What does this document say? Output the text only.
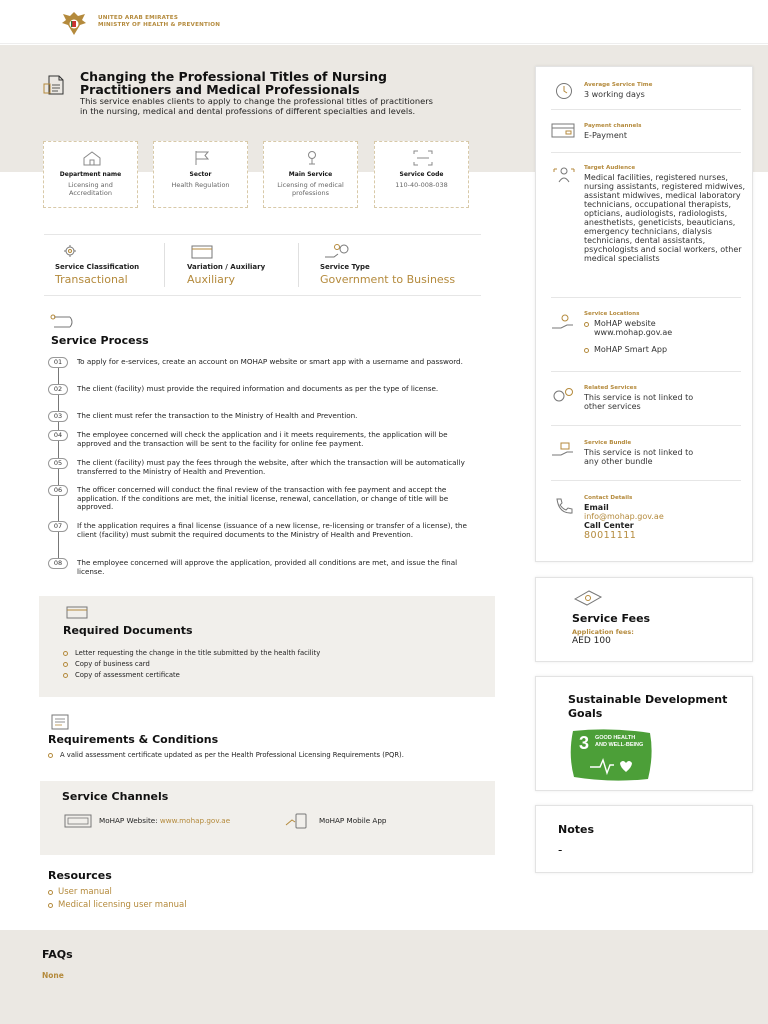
UNITED ARAB EMIRATES
MINISTRY OF HEALTH & PREVENTION
Changing the Professional Titles of Nursing Practitioners and Medical Professionals
This service enables clients to apply to change the professional titles of practitioners in the nursing, medical and dental professions of different specialties and levels.
Department name
Licensing and Accreditation
Sector
Health Regulation
Main Service
Licensing of medical professions
Service Code
110-40-008-038
Service Classification
Transactional
Variation / Auxiliary
Auxiliary
Service Type
Government to Business
Service Process
01	To apply for e-services, create an account on MOHAP website or smart app with a username and password.
02	The client (facility) must provide the required information and documents as per the type of license.
03	The client must refer the transaction to the Ministry of Health and Prevention.
04	The employee concerned will check the application and i it meets requirements, the application will be approved and the transaction will be sent to the facility for online fee payment.
05	The client (facility) must pay the fees through the website, after which the transaction will be automatically transferred to the Ministry of Health and Prevention.
06	The officer concerned will conduct the final review of the transaction with fee payment and accept the application. If the conditions are met, the initial license, renewal, cancellation, or change of title will be approved.
07	If the application requires a final license (issuance of a new license, re-licensing or transfer of a license), the client (facility) must submit the required documents to the Ministry of Health and Prevention.
08	The employee concerned will approve the application, provided all conditions are met, and issue the final license.
Required Documents
Letter requesting the change in the title submitted by the health facility
Copy of business card
Copy of assessment certificate
Requirements & Conditions
A valid assessment certificate updated as per the Health Professional Licensing Requirements (PQR).
Service Channels
MoHAP Website: www.mohap.gov.ae	MoHAP Mobile App
Resources
User manual
Medical licensing user manual
FAQs
None
Average Service Time
3 working days
Payment channels
E-Payment
Target Audience
Medical facilities, registered nurses, nursing assistants, registered midwives, assistant midwives, medical laboratory technicians, occupational therapists, opticians, audiologists, radiologists, anesthetists, geneticists, beauticians, emergency technicians, dialysis technicians, dental assistants, psychologists and social workers, other medical specialists
Service Locations
MoHAP website www.mohap.gov.ae
MoHAP Smart App
Related Services
This service is not linked to other services
Service Bundle
This service is not linked to any other bundle
Contact Details
Email
info@mohap.gov.ae
Call Center
80011111
Service Fees
Application fees:
AED 100
Sustainable Development Goals
3 GOOD HEALTH
AND WELL-BEING
Notes
-
